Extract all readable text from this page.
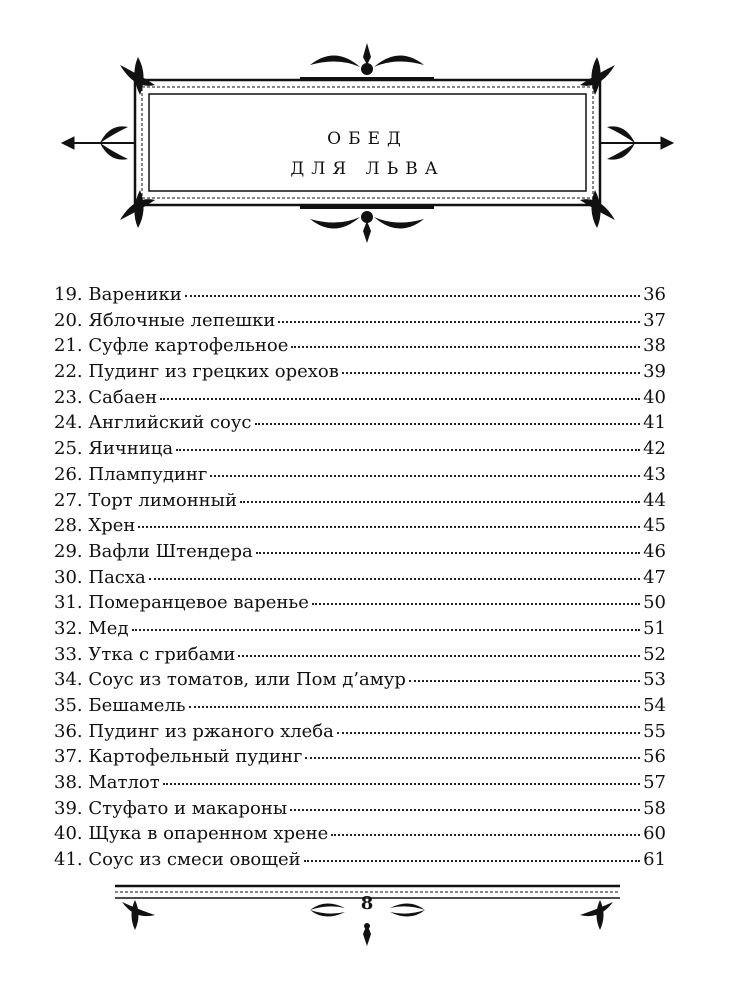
ОБЕД
ДЛЯ ЛЬВА
19. Вареники	36
20. Яблочные лепешки	37
21. Суфле картофельное	38
22. Пудинг из грецких орехов	39
23. Сабаен	40
24. Английский соус	41
25. Яичница	42
26. Плампудинг	43
27. Торт лимонный	44
28. Хрен	45
29. Вафли Штендера	46
30. Пасха	47
31. Померанцевое варенье	50
32. Мед	51
33. Утка с грибами	52
34. Соус из томатов, или Пом д’амур	53
35. Бешамель	54
36. Пудинг из ржаного хлеба	55
37. Картофельный пудинг	56
38. Матлот	57
39. Стуфато и макароны	58
40. Щука в опаренном хрене	60
41. Соус из смеси овощей	61
8
